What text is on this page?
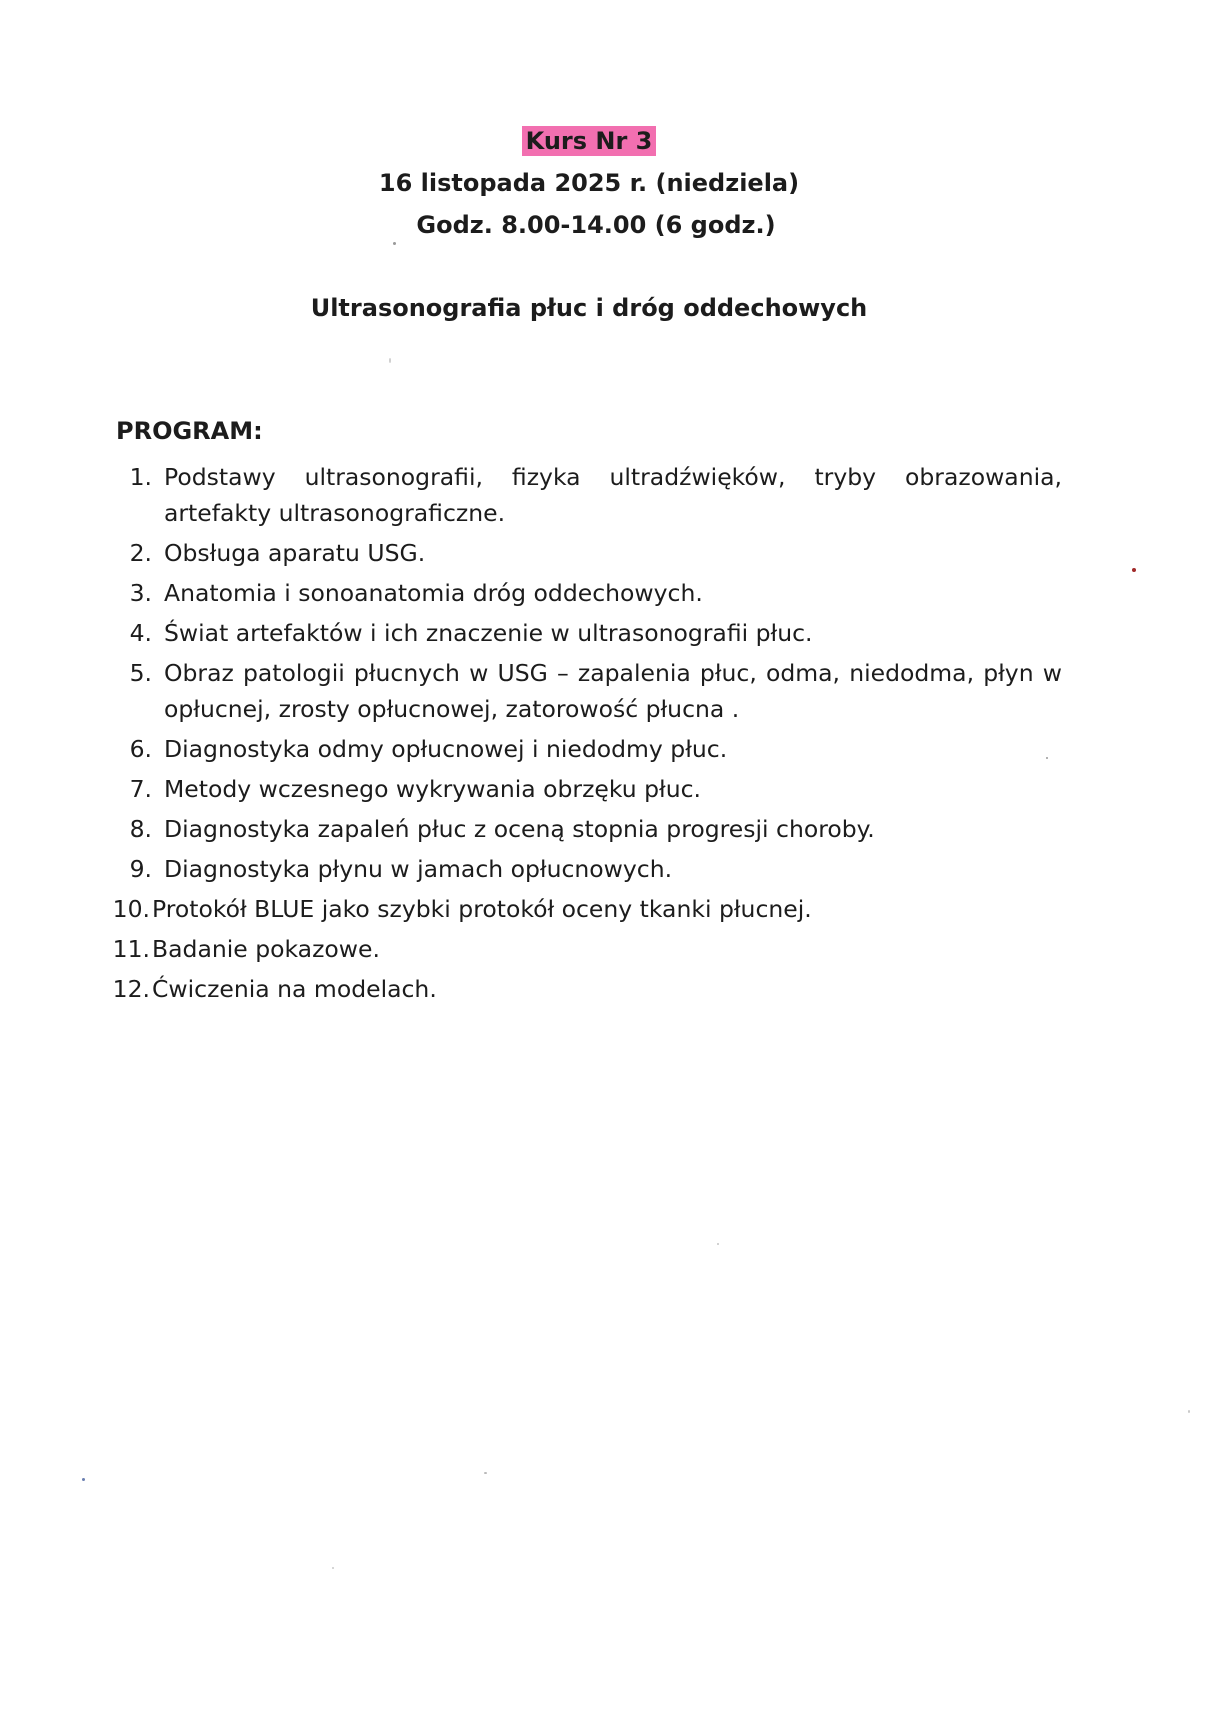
Kurs Nr 3
16 listopada 2025 r. (niedziela)
Godz. 8.00-14.00 (6 godz.)
Ultrasonografia płuc i dróg oddechowych
PROGRAM:
1. Podstawy ultrasonografii, fizyka ultradźwięków, tryby obrazowania, artefakty ultrasonograficzne.
2. Obsługa aparatu USG.
3. Anatomia i sonoanatomia dróg oddechowych.
4. Świat artefaktów i ich znaczenie w ultrasonografii płuc.
5. Obraz patologii płucnych w USG – zapalenia płuc, odma, niedodma, płyn w opłucnej, zrosty opłucnowej, zatorowość płucna .
6. Diagnostyka odmy opłucnowej i niedodmy płuc.
7. Metody wczesnego wykrywania obrzęku płuc.
8. Diagnostyka zapaleń płuc z oceną stopnia progresji choroby.
9. Diagnostyka płynu w jamach opłucnowych.
10. Protokół BLUE jako szybki protokół oceny tkanki płucnej.
11. Badanie pokazowe.
12. Ćwiczenia na modelach.
